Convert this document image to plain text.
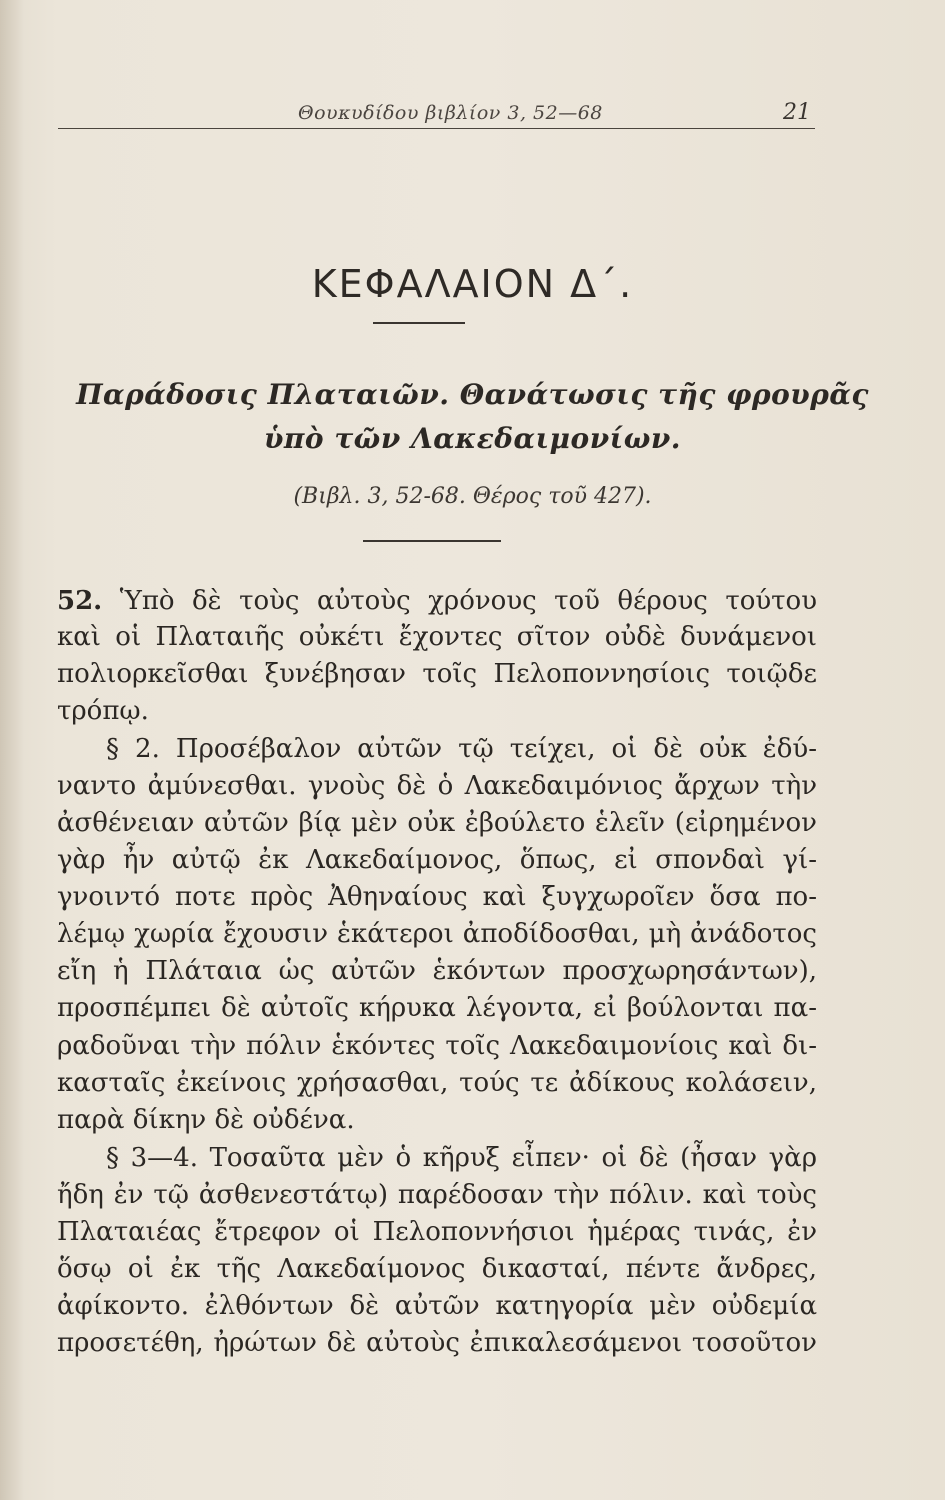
Θουκυδίδου βιβλίον 3, 52—68	21
ΚΕΦΑΛΑΙΟΝ Δ΄.
Παράδοσις Πλαταιῶν. Θανάτωσις τῆς φρουρᾶς
ὑπὸ τῶν Λακεδαιμονίων.
(Βιβλ. 3, 52-68. Θέρος τοῦ 427).
52. Ὑπὸ δὲ τοὺς αὐτοὺς χρόνους τοῦ θέρους τούτου
καὶ οἱ Πλαταιῆς οὐκέτι ἔχοντες σῖτον οὐδὲ δυνάμενοι
πολιορκεῖσθαι ξυνέβησαν τοῖς Πελοποννησίοις τοιῷδε
τρόπῳ.
§ 2. Προσέβαλον αὐτῶν τῷ τείχει, οἱ δὲ οὐκ ἐδύ-
ναντο ἀμύνεσθαι. γνοὺς δὲ ὁ Λακεδαιμόνιος ἄρχων τὴν
ἀσθένειαν αὐτῶν βίᾳ μὲν οὐκ ἐβούλετο ἑλεῖν (εἰρημένον
γὰρ ἦν αὐτῷ ἐκ Λακεδαίμονος, ὅπως, εἰ σπονδαὶ γί-
γνοιντό ποτε πρὸς Ἀθηναίους καὶ ξυγχωροῖεν ὅσα πο-
λέμῳ χωρία ἔχουσιν ἑκάτεροι ἀποδίδοσθαι, μὴ ἀνάδοτος
εἴη ἡ Πλάταια ὡς αὐτῶν ἑκόντων προσχωρησάντων),
προσπέμπει δὲ αὐτοῖς κήρυκα λέγοντα, εἰ βούλονται πα-
ραδοῦναι τὴν πόλιν ἑκόντες τοῖς Λακεδαιμονίοις καὶ δι-
κασταῖς ἐκείνοις χρήσασθαι, τούς τε ἀδίκους κολάσειν,
παρὰ δίκην δὲ οὐδένα.
§ 3—4. Τοσαῦτα μὲν ὁ κῆρυξ εἶπεν· οἱ δὲ (ἦσαν γὰρ
ἤδη ἐν τῷ ἀσθενεστάτῳ) παρέδοσαν τὴν πόλιν. καὶ τοὺς
Πλαταιέας ἔτρεφον οἱ Πελοποννήσιοι ἡμέρας τινάς, ἐν
ὅσῳ οἱ ἐκ τῆς Λακεδαίμονος δικασταί, πέντε ἄνδρες,
ἀφίκοντο. ἐλθόντων δὲ αὐτῶν κατηγορία μὲν οὐδεμία
προσετέθη, ἠρώτων δὲ αὐτοὺς ἐπικαλεσάμενοι τοσοῦτον
